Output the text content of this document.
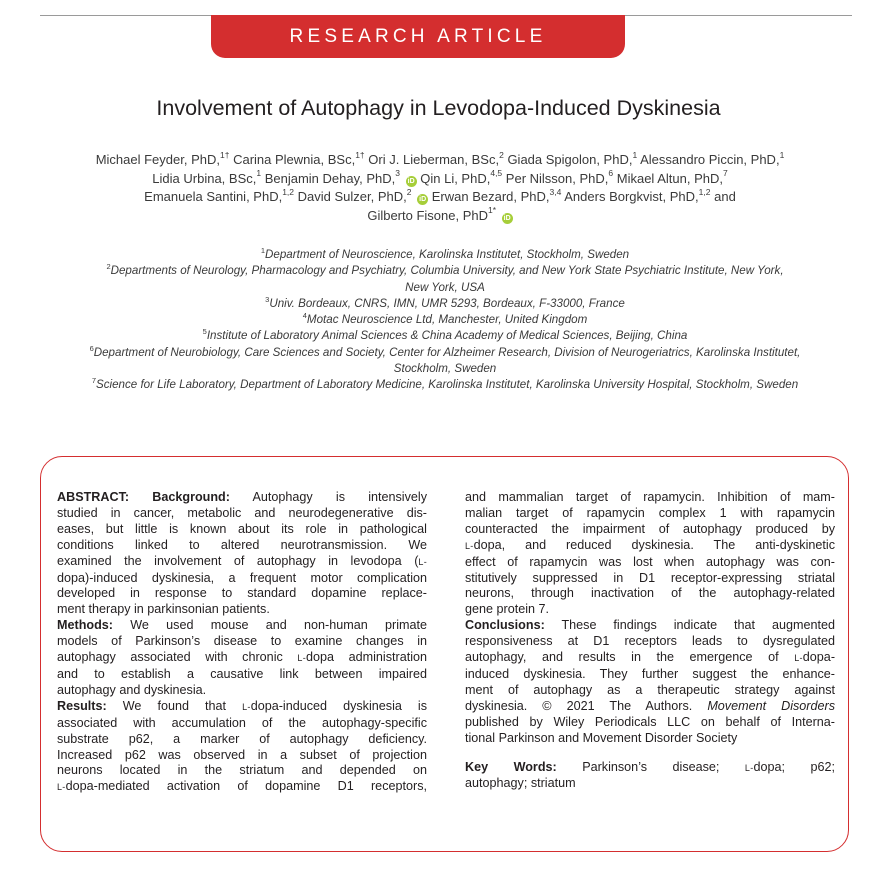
RESEARCH ARTICLE
Involvement of Autophagy in Levodopa-Induced Dyskinesia
Michael Feyder, PhD,$^{1\dagger}$ Carina Plewnia, BSc,$^{1\dagger}$ Ori J. Lieberman, BSc,$^2$ Giada Spigolon, PhD,$^1$ Alessandro Piccin, PhD,$^1$
Lidia Urbina, BSc,$^1$ Benjamin Dehay, PhD,$^3$ iD Qin Li, PhD,$^{4,5}$ Per Nilsson, PhD,$^6$ Mikael Altun, PhD,$^7$
Emanuela Santini, PhD,$^{1,2}$ David Sulzer, PhD,$^2$ iD Erwan Bezard, PhD,$^{3,4}$ Anders Borgkvist, PhD,$^{1,2}$ and
Gilberto Fisone, PhD$^{1*}$ iD
$^1$Department of Neuroscience, Karolinska Institutet, Stockholm, Sweden
$^2$Departments of Neurology, Pharmacology and Psychiatry, Columbia University, and New York State Psychiatric Institute, New York,
New York, USA
$^3$Univ. Bordeaux, CNRS, IMN, UMR 5293, Bordeaux, F-33000, France
$^4$Motac Neuroscience Ltd, Manchester, United Kingdom
$^5$Institute of Laboratory Animal Sciences & China Academy of Medical Sciences, Beijing, China
$^6$Department of Neurobiology, Care Sciences and Society, Center for Alzheimer Research, Division of Neurogeriatrics, Karolinska Institutet,
Stockholm, Sweden
$^7$Science for Life Laboratory, Department of Laboratory Medicine, Karolinska Institutet, Karolinska University Hospital, Stockholm, Sweden
ABSTRACT: Background: Autophagy is intensively
studied in cancer, metabolic and neurodegenerative dis-
eases, but little is known about its role in pathological
conditions linked to altered neurotransmission. We
examined the involvement of autophagy in levodopa (L-
dopa)-induced dyskinesia, a frequent motor complication
developed in response to standard dopamine replace-
ment therapy in parkinsonian patients.
Methods: We used mouse and non-human primate
models of Parkinson’s disease to examine changes in
autophagy associated with chronic L-dopa administration
and to establish a causative link between impaired
autophagy and dyskinesia.
Results: We found that L-dopa-induced dyskinesia is
associated with accumulation of the autophagy-specific
substrate p62, a marker of autophagy deficiency.
Increased p62 was observed in a subset of projection
neurons located in the striatum and depended on
L-dopa-mediated activation of dopamine D1 receptors,
and mammalian target of rapamycin. Inhibition of mam-
malian target of rapamycin complex 1 with rapamycin
counteracted the impairment of autophagy produced by
L-dopa, and reduced dyskinesia. The anti-dyskinetic
effect of rapamycin was lost when autophagy was con-
stitutively suppressed in D1 receptor-expressing striatal
neurons, through inactivation of the autophagy-related
gene protein 7.
Conclusions: These findings indicate that augmented
responsiveness at D1 receptors leads to dysregulated
autophagy, and results in the emergence of L-dopa-
induced dyskinesia. They further suggest the enhance-
ment of autophagy as a therapeutic strategy against
dyskinesia. © 2021 The Authors. Movement Disorders
published by Wiley Periodicals LLC on behalf of Interna-
tional Parkinson and Movement Disorder Society
Key Words: Parkinson’s disease;	L-dopa; p62;
autophagy; striatum
